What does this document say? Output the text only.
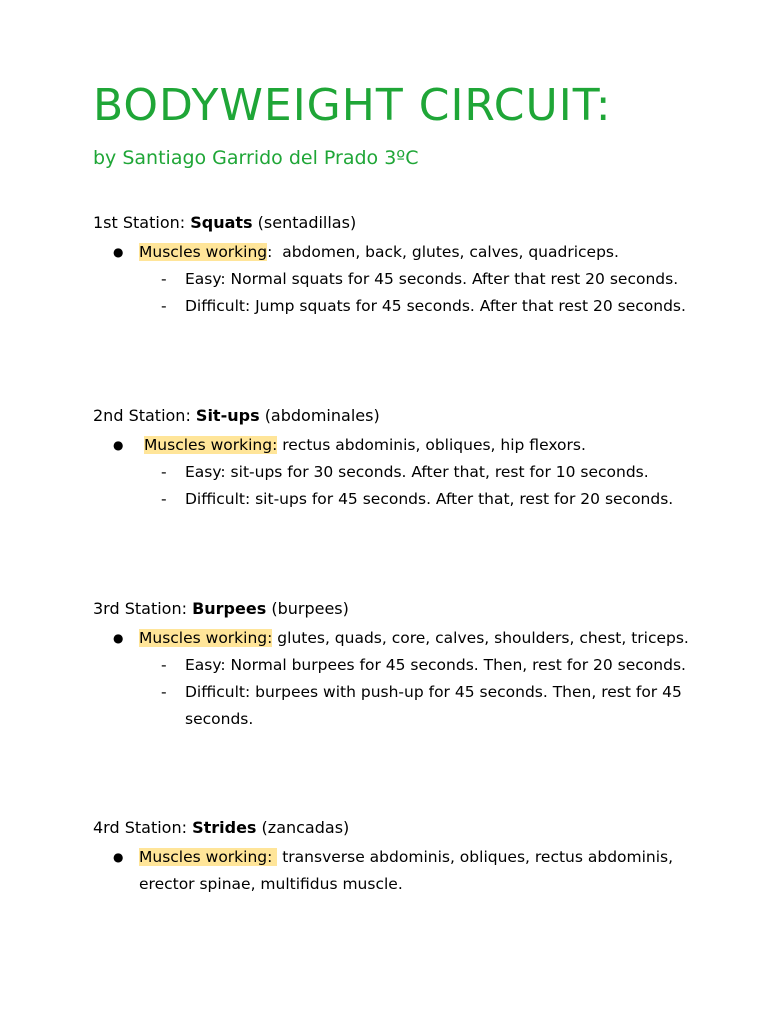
BODYWEIGHT CIRCUIT:
by Santiago Garrido del Prado 3ºC
1st Station: Squats (sentadillas)
● Muscles working:  abdomen, back, glutes, calves, quadriceps.
- Easy: Normal squats for 45 seconds. After that rest 20 seconds.
- Difficult: Jump squats for 45 seconds. After that rest 20 seconds.
2nd Station: Sit-ups (abdominales)
● Muscles working: rectus abdominis, obliques, hip flexors.
- Easy: sit-ups for 30 seconds. After that, rest for 10 seconds.
- Difficult: sit-ups for 45 seconds. After that, rest for 20 seconds.
3rd Station: Burpees (burpees)
● Muscles working: glutes, quads, core, calves, shoulders, chest, triceps.
- Easy: Normal burpees for 45 seconds. Then, rest for 20 seconds.
- Difficult: burpees with push-up for 45 seconds. Then, rest for 45 seconds.
4rd Station: Strides (zancadas)
● Muscles working:  transverse abdominis, obliques, rectus abdominis, erector spinae, multifidus muscle.
